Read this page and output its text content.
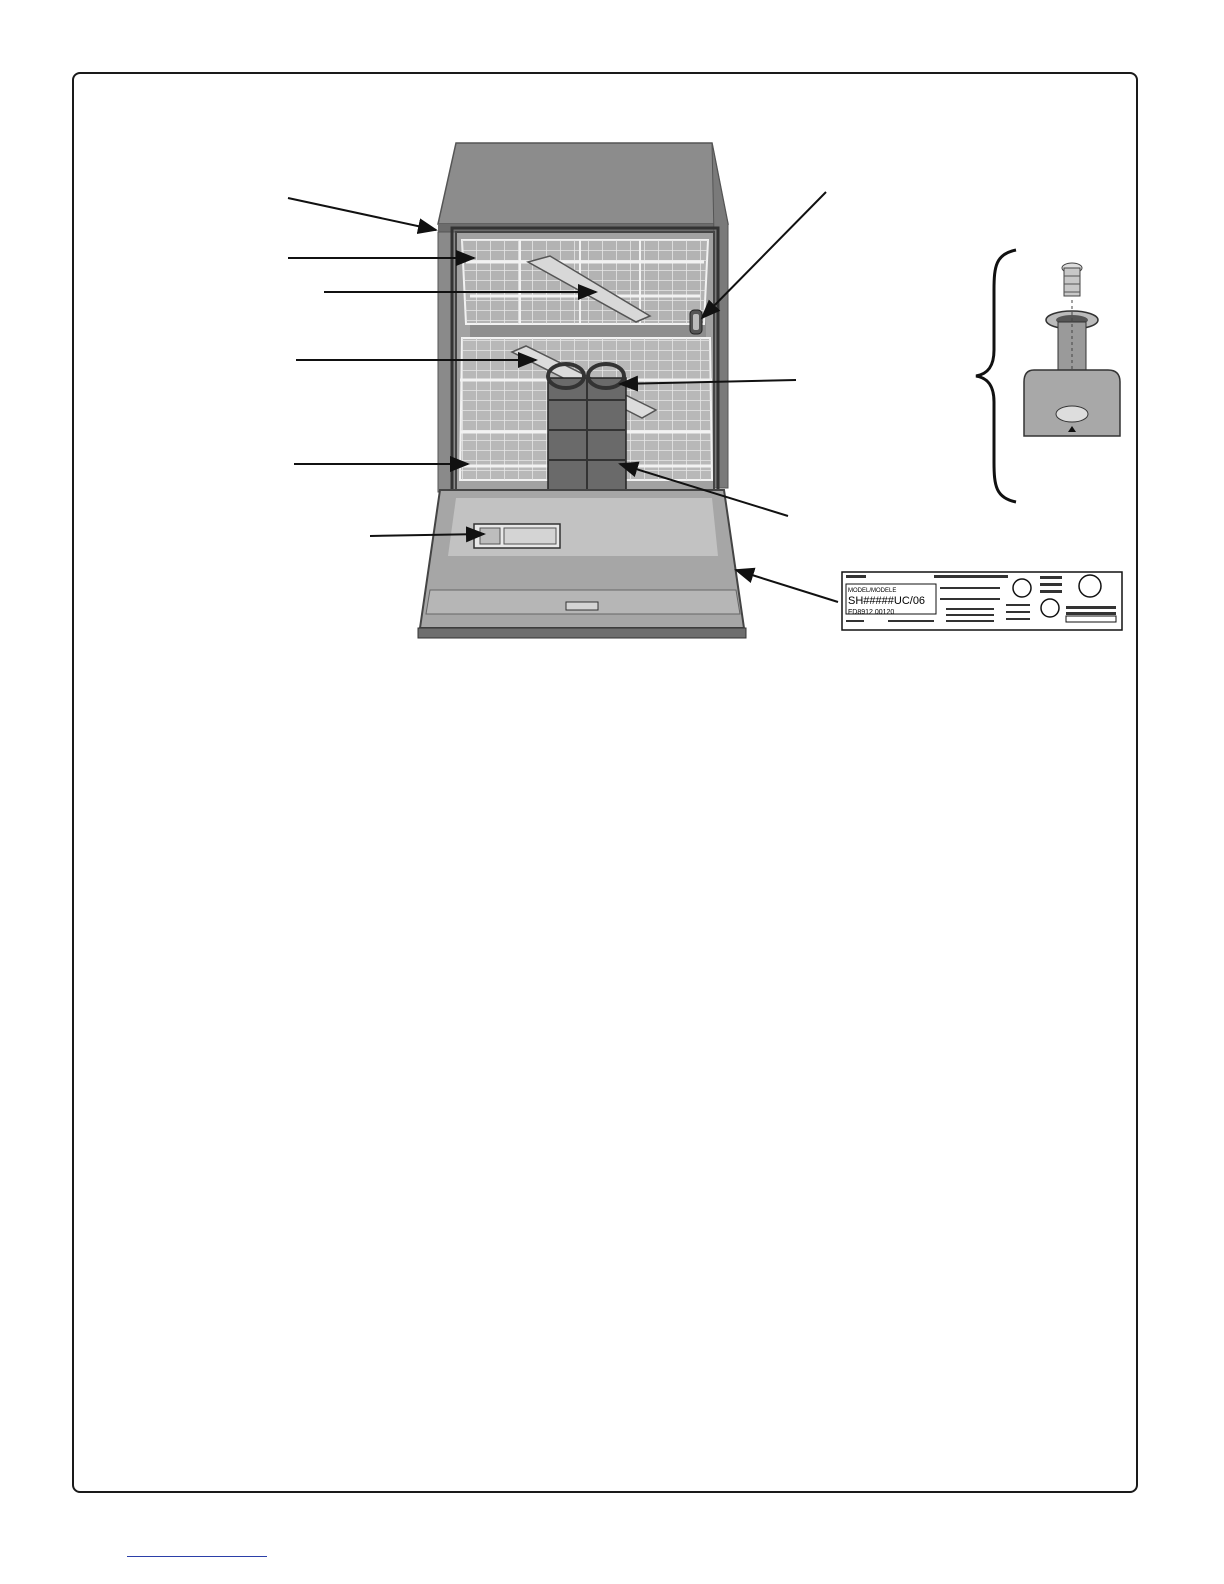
MODEL/MODELE
SH#####UC/06
FD8912 00120
